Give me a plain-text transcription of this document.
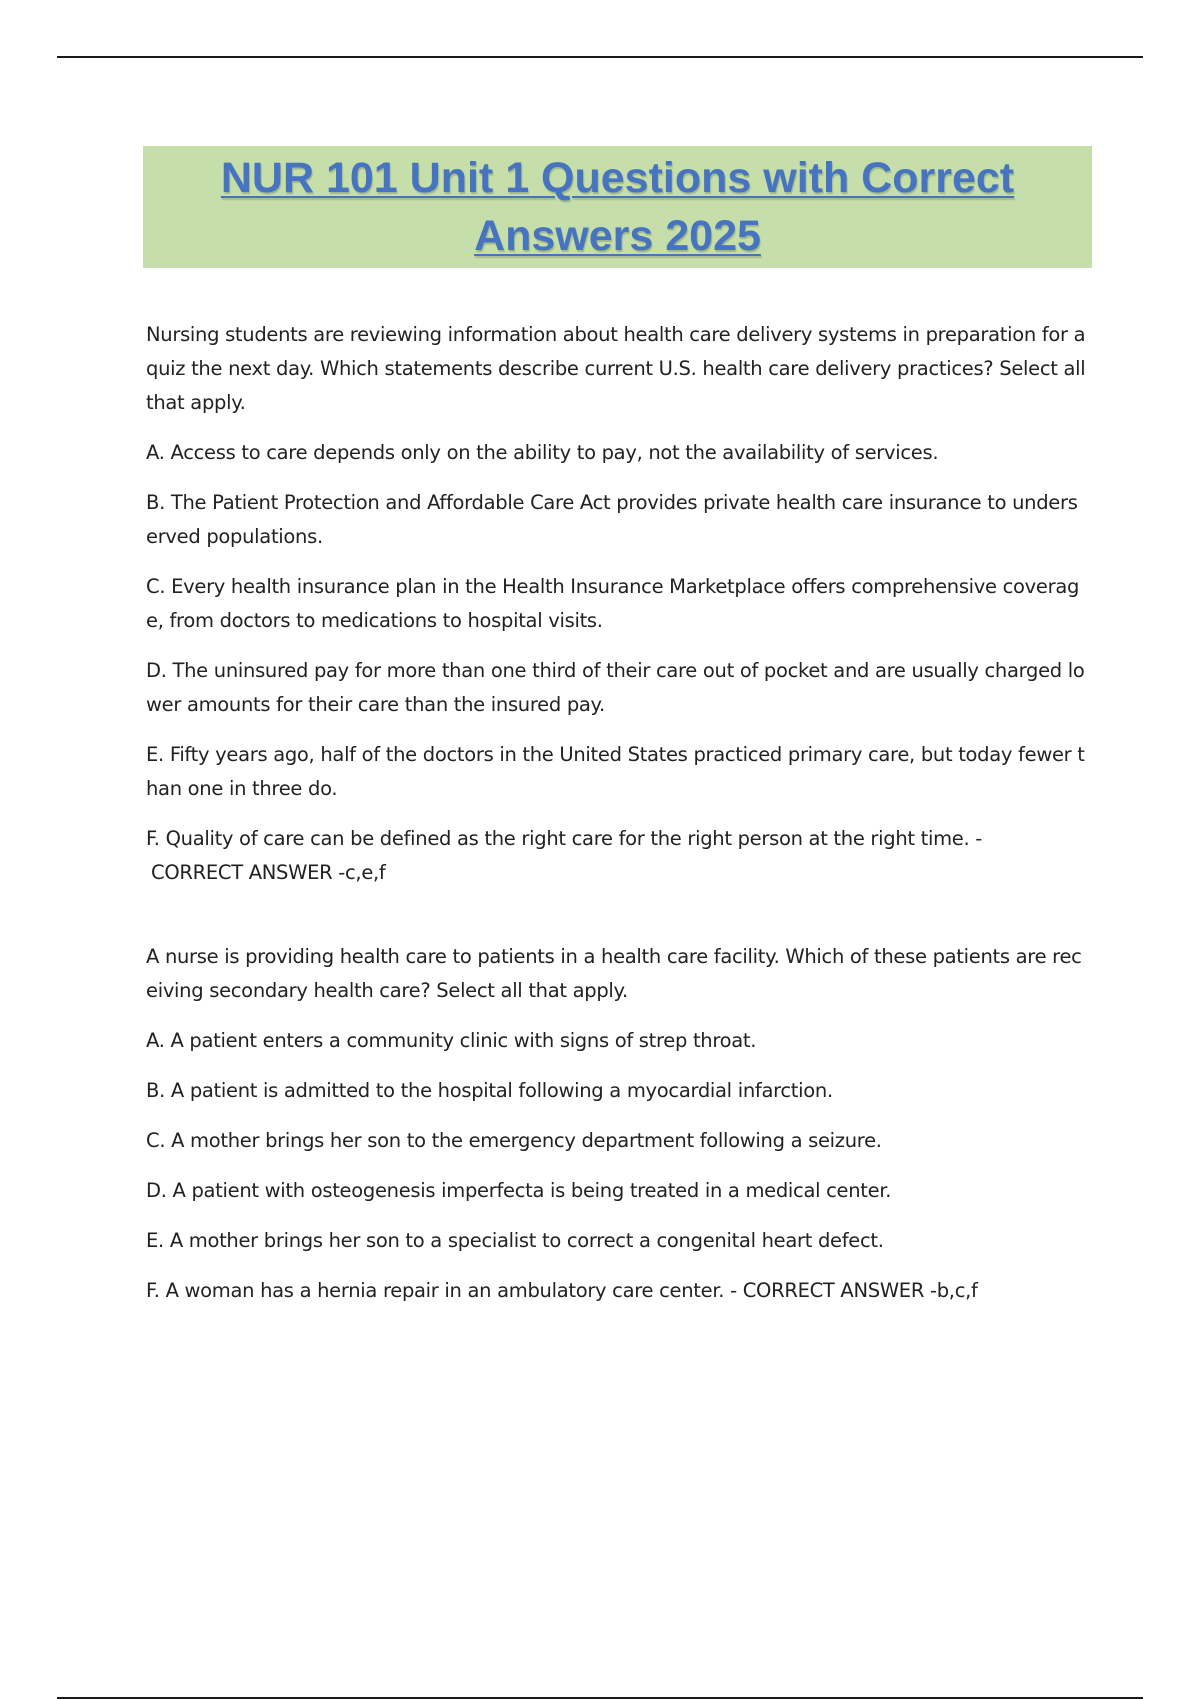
NUR 101 Unit 1 Questions with Correct
Answers 2025

Nursing students are reviewing information about health care delivery systems in preparation for a quiz the next day. Which statements describe current U.S. health care delivery practices? Select all that apply.

A. Access to care depends only on the ability to pay, not the availability of services.

B. The Patient Protection and Affordable Care Act provides private health care insurance to underserved populations.

C. Every health insurance plan in the Health Insurance Marketplace offers comprehensive coverage, from doctors to medications to hospital visits.

D. The uninsured pay for more than one third of their care out of pocket and are usually charged lower amounts for their care than the insured pay.

E. Fifty years ago, half of the doctors in the United States practiced primary care, but today fewer than one in three do.

F. Quality of care can be defined as the right care for the right person at the right time. -
CORRECT ANSWER -c,e,f

A nurse is providing health care to patients in a health care facility. Which of these patients are receiving secondary health care? Select all that apply.

A. A patient enters a community clinic with signs of strep throat.

B. A patient is admitted to the hospital following a myocardial infarction.

C. A mother brings her son to the emergency department following a seizure.

D. A patient with osteogenesis imperfecta is being treated in a medical center.

E. A mother brings her son to a specialist to correct a congenital heart defect.

F. A woman has a hernia repair in an ambulatory care center. - CORRECT ANSWER -b,c,f
